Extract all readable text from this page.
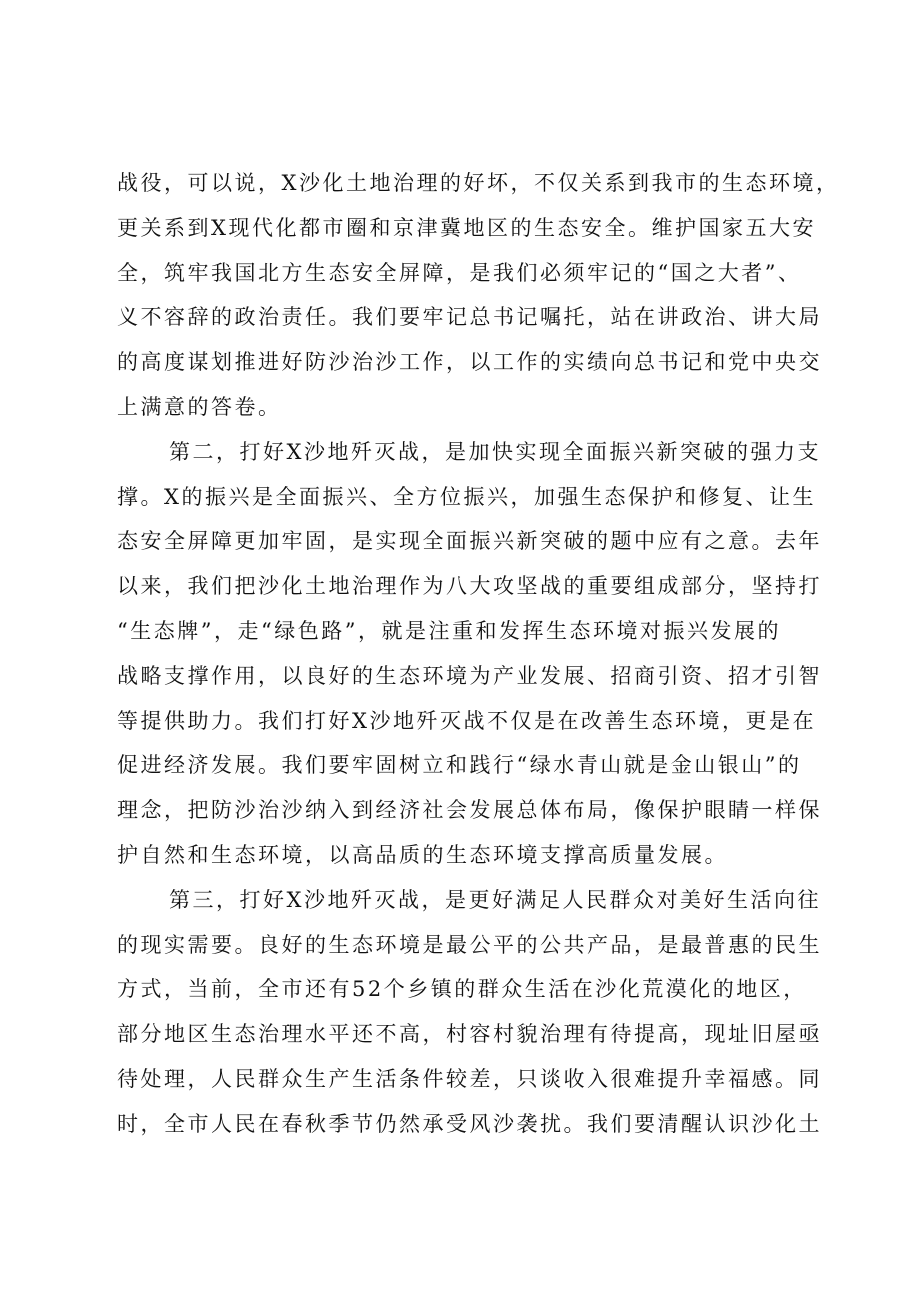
战役，可以说，X沙化土地治理的好坏，不仅关系到我市的生态环境，
更关系到X现代化都市圈和京津冀地区的生态安全。维护国家五大安
全，筑牢我国北方生态安全屏障，是我们必须牢记的“国之大者”、
义不容辞的政治责任。我们要牢记总书记嘱托，站在讲政治、讲大局
的高度谋划推进好防沙治沙工作，以工作的实绩向总书记和党中央交
上满意的答卷。
第二，打好X沙地歼灭战，是加快实现全面振兴新突破的强力支
撑。X的振兴是全面振兴、全方位振兴，加强生态保护和修复、让生
态安全屏障更加牢固，是实现全面振兴新突破的题中应有之意。去年
以来，我们把沙化土地治理作为八大攻坚战的重要组成部分，坚持打
“生态牌”，走“绿色路”，就是注重和发挥生态环境对振兴发展的
战略支撑作用，以良好的生态环境为产业发展、招商引资、招才引智
等提供助力。我们打好X沙地歼灭战不仅是在改善生态环境，更是在
促进经济发展。我们要牢固树立和践行“绿水青山就是金山银山”的
理念，把防沙治沙纳入到经济社会发展总体布局，像保护眼睛一样保
护自然和生态环境，以高品质的生态环境支撑高质量发展。
第三，打好X沙地歼灭战，是更好满足人民群众对美好生活向往
的现实需要。良好的生态环境是最公平的公共产品，是最普惠的民生
方式，当前，全市还有52个乡镇的群众生活在沙化荒漠化的地区，
部分地区生态治理水平还不高，村容村貌治理有待提高，现址旧屋亟
待处理，人民群众生产生活条件较差，只谈收入很难提升幸福感。同
时，全市人民在春秋季节仍然承受风沙袭扰。我们要清醒认识沙化土
